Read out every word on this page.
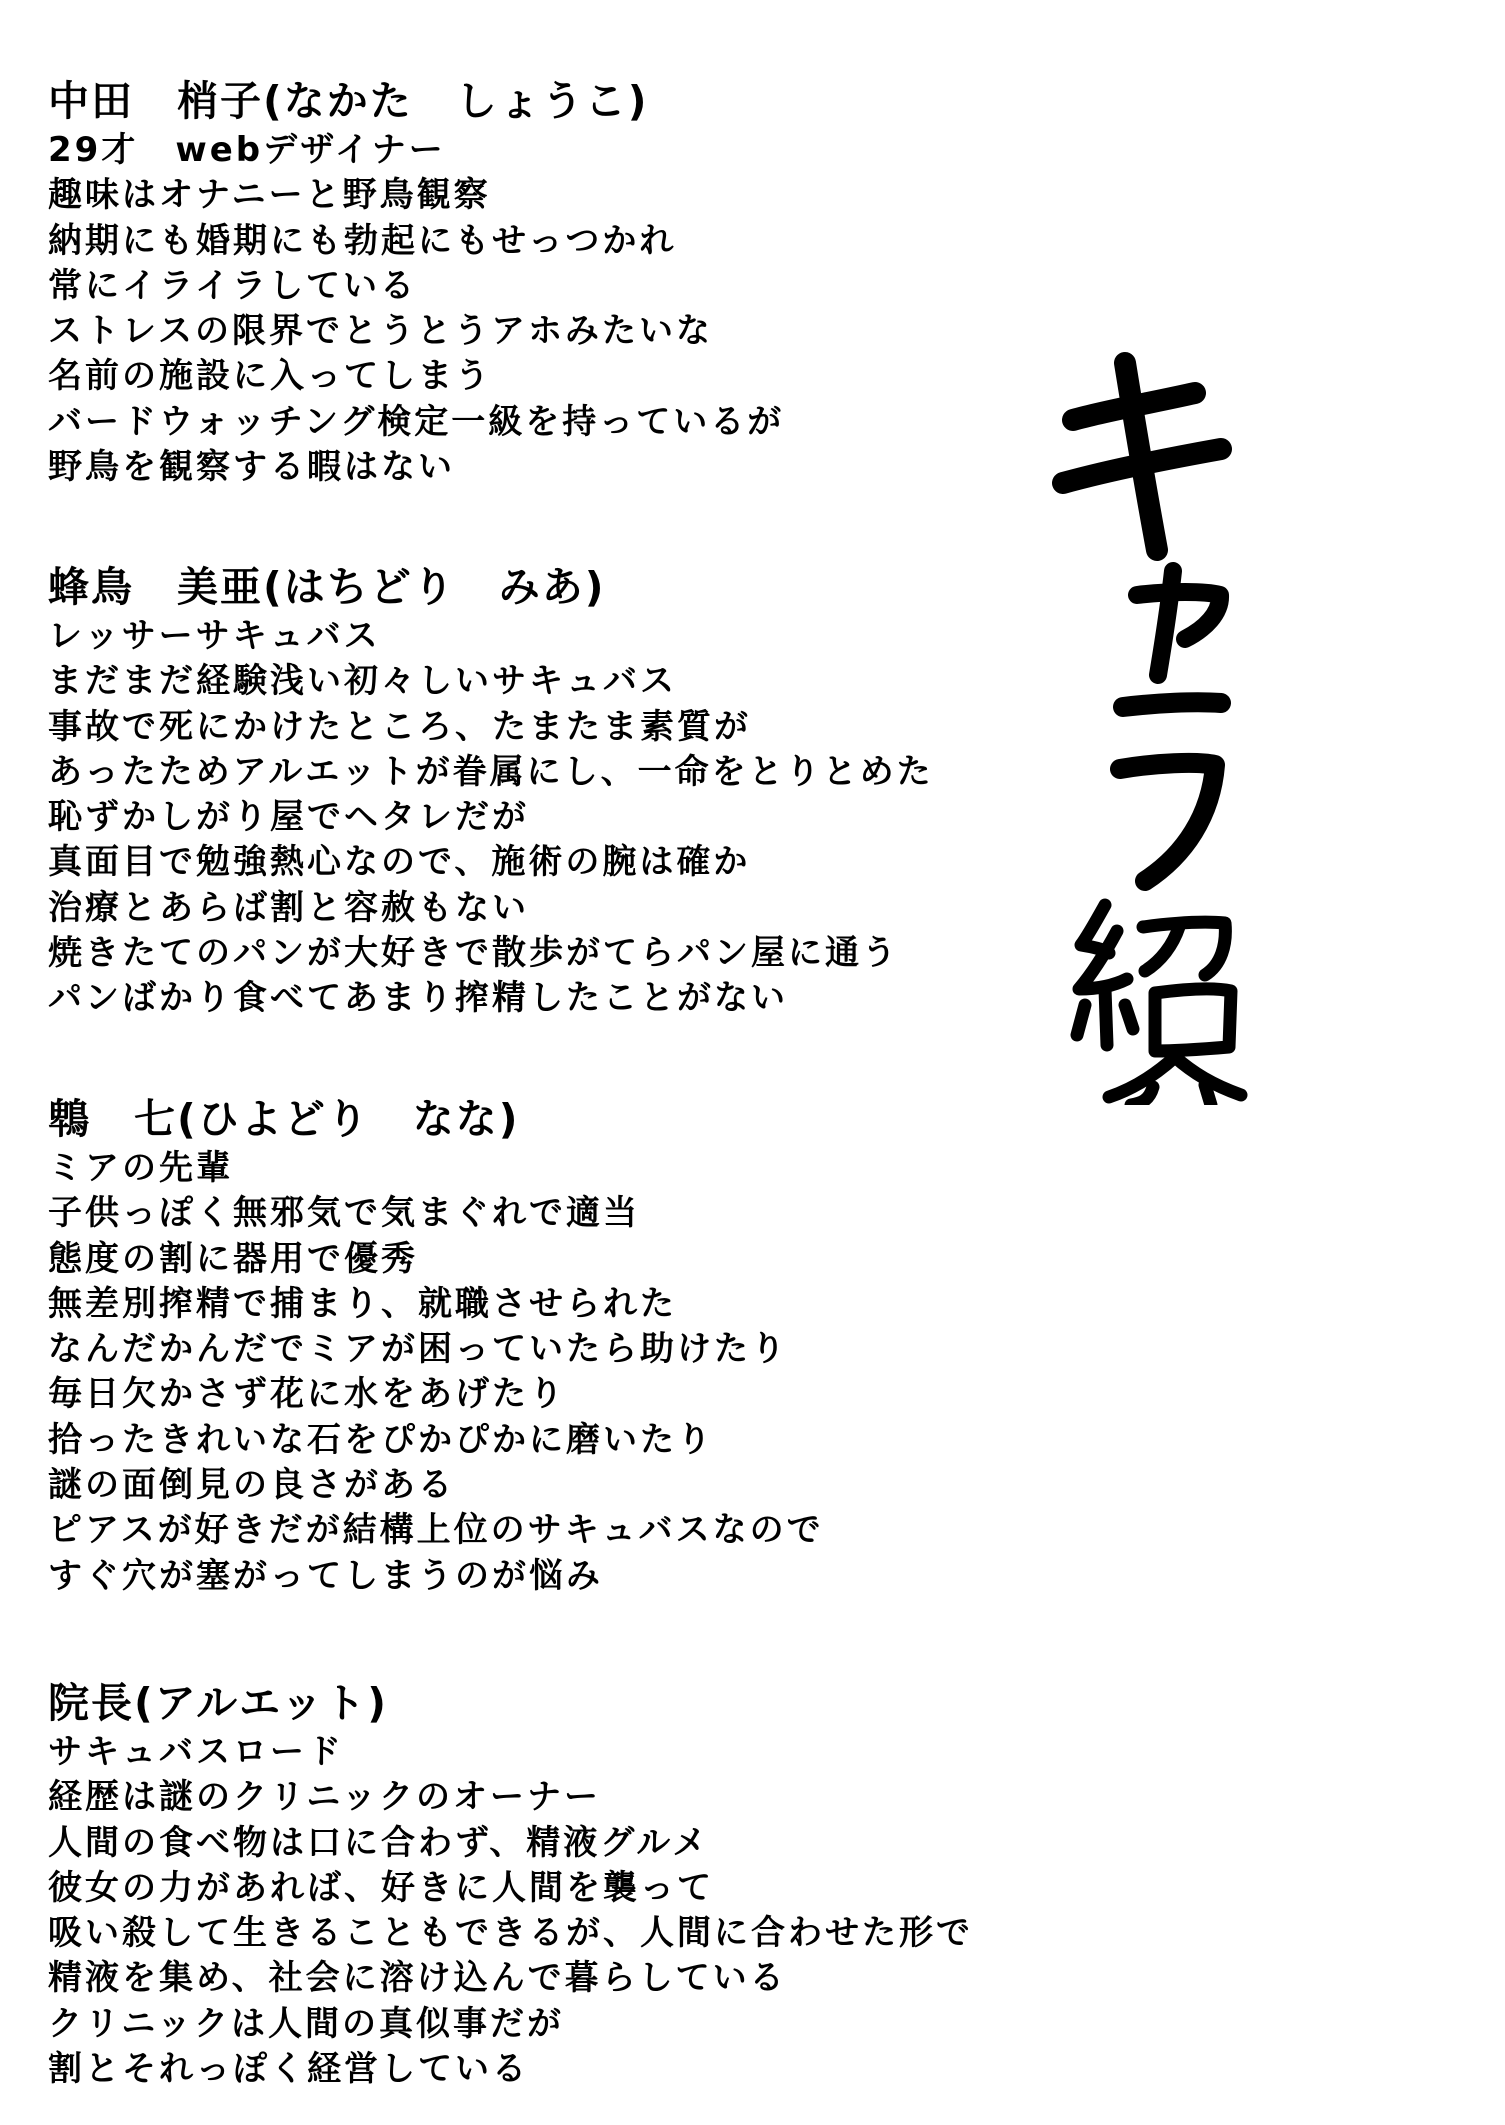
中田　梢子(なかた　しょうこ)
29才　webデザイナー
趣味はオナニーと野鳥観察
納期にも婚期にも勃起にもせっつかれ
常にイライラしている
ストレスの限界でとうとうアホみたいな
名前の施設に入ってしまう
バードウォッチング検定一級を持っているが
野鳥を観察する暇はない
蜂鳥　美亜(はちどり　みあ)
レッサーサキュバス
まだまだ経験浅い初々しいサキュバス
事故で死にかけたところ、たまたま素質が
あったためアルエットが眷属にし、一命をとりとめた
恥ずかしがり屋でヘタレだが
真面目で勉強熱心なので、施術の腕は確か
治療とあらば割と容赦もない
焼きたてのパンが大好きで散歩がてらパン屋に通う
パンばかり食べてあまり搾精したことがない
鵯　七(ひよどり　なな)
ミアの先輩
子供っぽく無邪気で気まぐれで適当
態度の割に器用で優秀
無差別搾精で捕まり、就職させられた
なんだかんだでミアが困っていたら助けたり
毎日欠かさず花に水をあげたり
拾ったきれいな石をぴかぴかに磨いたり
謎の面倒見の良さがある
ピアスが好きだが結構上位のサキュバスなので
すぐ穴が塞がってしまうのが悩み
院長(アルエット)
サキュバスロード
経歴は謎のクリニックのオーナー
人間の食べ物は口に合わず、精液グルメ
彼女の力があれば、好きに人間を襲って
吸い殺して生きることもできるが、人間に合わせた形で
精液を集め、社会に溶け込んで暮らしている
クリニックは人間の真似事だが
割とそれっぽく経営している
